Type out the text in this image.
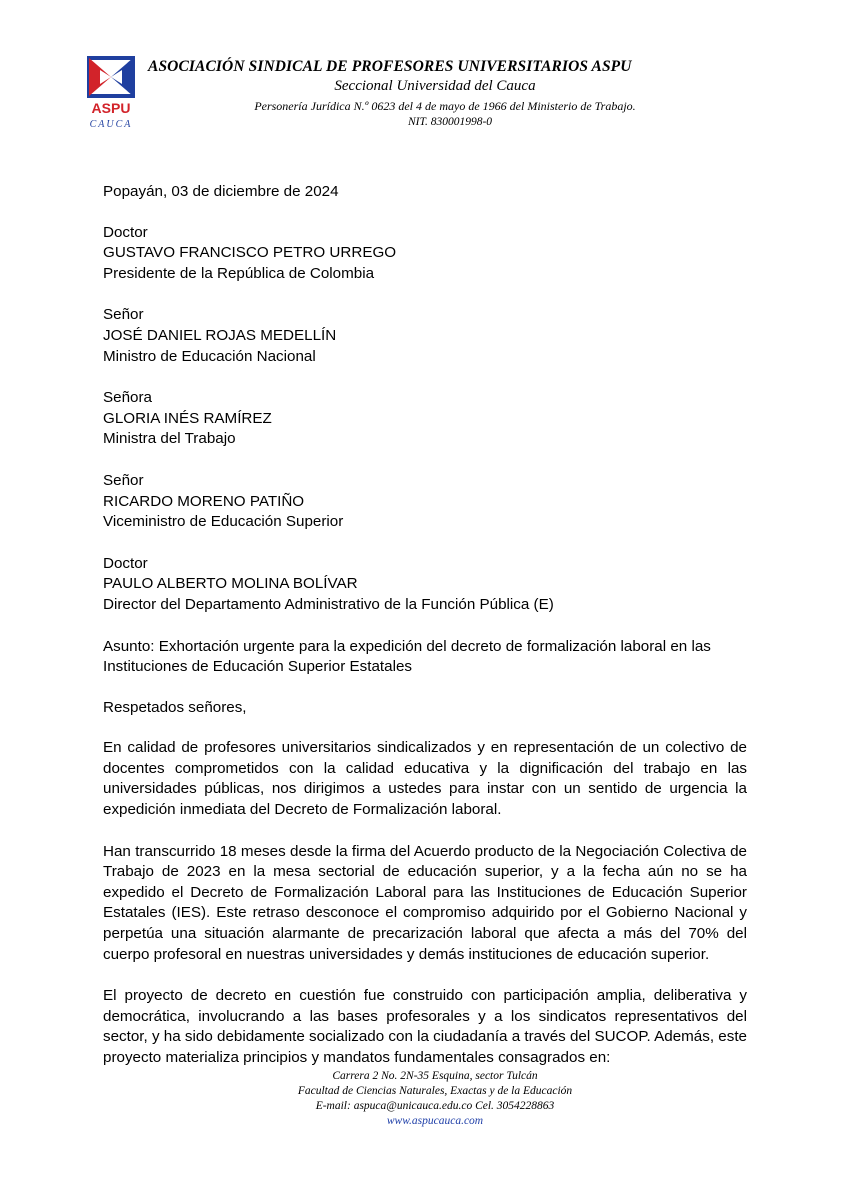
ASPU
CAUCA
ASOCIACIÓN SINDICAL DE PROFESORES UNIVERSITARIOS ASPU
Seccional Universidad del Cauca
Personería Jurídica N.º 0623 del 4 de mayo de 1966 del Ministerio de Trabajo.
NIT. 830001998-0

Popayán, 03 de diciembre de 2024

Doctor
GUSTAVO FRANCISCO PETRO URREGO
Presidente de la República de Colombia
Señor
JOSÉ DANIEL ROJAS MEDELLÍN
Ministro de Educación Nacional
Señora
GLORIA INÉS RAMÍREZ
Ministra del Trabajo
Señor
RICARDO MORENO PATIÑO
Viceministro de Educación Superior
Doctor
PAULO ALBERTO MOLINA BOLÍVAR
Director del Departamento Administrativo de la Función Pública (E)

Asunto: Exhortación urgente para la expedición del decreto de formalización laboral en las Instituciones de Educación Superior Estatales

Respetados señores,

En calidad de profesores universitarios sindicalizados y en representación de un colectivo de docentes comprometidos con la calidad educativa y la dignificación del trabajo en las universidades públicas, nos dirigimos a ustedes para instar con un sentido de urgencia la expedición inmediata del Decreto de Formalización laboral.

Han transcurrido 18 meses desde la firma del Acuerdo producto de la Negociación Colectiva de Trabajo de 2023 en la mesa sectorial de educación superior, y a la fecha aún no se ha expedido el Decreto de Formalización Laboral para las Instituciones de Educación Superior Estatales (IES). Este retraso desconoce el compromiso adquirido por el Gobierno Nacional y perpetúa una situación alarmante de precarización laboral que afecta a más del 70% del cuerpo profesoral en nuestras universidades y demás instituciones de educación superior.

El proyecto de decreto en cuestión fue construido con participación amplia, deliberativa y democrática, involucrando a las bases profesorales y a los sindicatos representativos del sector, y ha sido debidamente socializado con la ciudadanía a través del SUCOP. Además, este proyecto materializa principios y mandatos fundamentales consagrados en:

Carrera 2 No. 2N-35 Esquina, sector Tulcán
Facultad de Ciencias Naturales, Exactas y de la Educación
E-mail: aspuca@unicauca.edu.co Cel. 3054228863
www.aspucauca.com
